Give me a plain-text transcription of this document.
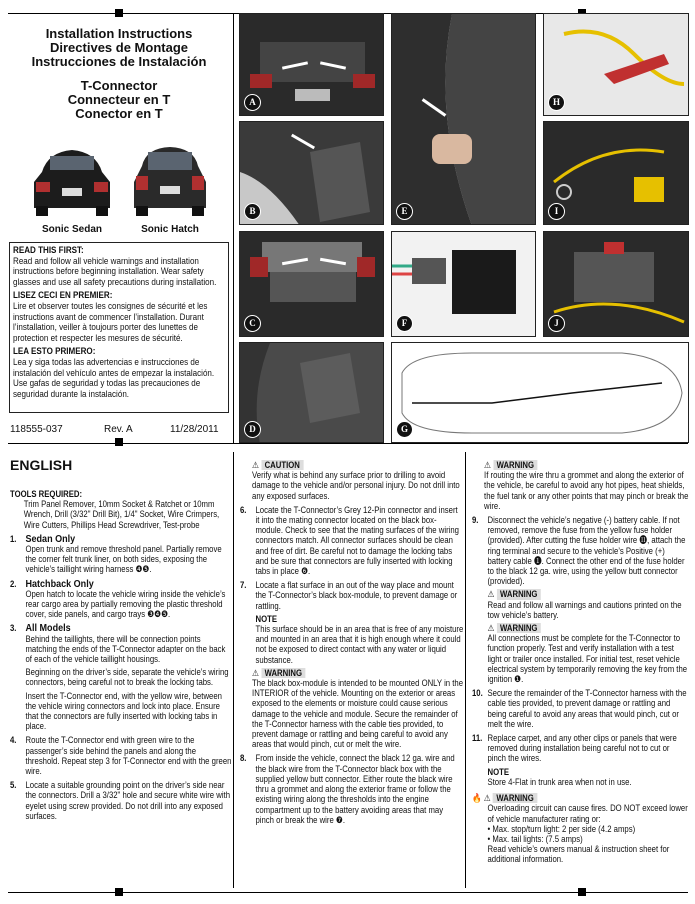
Installation Instructions
Directives de Montage
Instrucciones de Instalación
T-Connector
Connecteur en T
Conector en T
Sonic Sedan	Sonic Hatch
READ THIS FIRST:
Read and follow all vehicle warnings and installation instructions before beginning installation. Wear safety glasses and use all safety precautions during installation.
LISEZ CECI EN PREMIER:
Lire et observer toutes les consignes de sécurité et les instructions avant de commencer l’installation. Durant l’installation, veiller à toujours porter des lunettes de protection et respecter les mesures de sécurité.
LEA ESTO PRIMERO:
Lea y siga todas las advertencias e instrucciones de instalación del vehículo antes de empezar la instalación. Use gafas de seguridad y todas las precauciones de seguridad durante la instalación.
118555-037	Rev. A	11/28/2011
A
B
C
D
E
F
G
H
I
J
ENGLISH
TOOLS REQUIRED:

Trim Panel Remover, 10mm Socket & Ratchet or 10mm Wrench, Drill (3/32" Drill Bit), 1/4" Socket, Wire Crimpers, Wire Cutters, Phillips Head Screwdriver, Test-probe

1. Sedan Only

Open trunk and remove threshold panel. Partially remove the corner felt trunk liner, on both sides, exposing the vehicle’s taillight wiring harness ❹❺.

2. Hatchback Only

Open hatch to locate the vehicle wiring inside the vehicle’s rear cargo area by partially removing the plastic threshold cover, side panels, and cargo trays ❸❹❺.

3. All Models

Behind the taillights, there will be connection points matching the ends of the T-Connector adapter on the back of each of the vehicle taillight housings.

Beginning on the driver’s side, separate the vehicle’s wiring connectors, being careful not to break the locking tabs.

Insert the T-Connector end, with the yellow wire, between the vehicle wiring connectors and lock into place. Ensure that the connectors are fully inserted with locking tabs in place.

4. Route the T-Connector end with green wire to the passenger’s side behind the panels and along the threshold. Repeat step 3 for T-Connector end with the green wire.

5. Locate a suitable grounding point on the driver’s side near the connectors. Drill a 3/32" hole and secure white wire with eyelet using screw provided. Do not drill into any exposed surfaces.

⚠ CAUTION

Verify what is behind any surface prior to drilling to avoid damage to the vehicle and/or personal injury. Do not drill into any exposed surfaces.

6. Locate the T-Connector’s Grey 12-Pin connector and insert it into the mating connector located on the black box-module. Check to see that the mating surfaces of the wiring connectors match. All connector surfaces should be clean and free of dirt. Be careful not to damage the locking tabs and be sure that connectors are fully inserted with locking tabs in place ❻.

7. Locate a flat surface in an out of the way place and mount the T-Connector’s black box-module, to prevent damage or rattling.

NOTE

This surface should be in an area that is free of any moisture and mounted in an area that it is high enough where it could not be exposed to direct contact with any water or liquid substance.

⚠ WARNING

The black box-module is intended to be mounted ONLY in the INTERIOR of the vehicle. Mounting on the exterior or areas exposed to the elements or moisture could cause serious damage to the vehicle and module. Secure the remainder of the T-Connector harness with the cable ties provided, to prevent damage or rattling and being careful to avoid any areas that would pinch, cut or melt the wire.

8. From inside the vehicle, connect the black 12 ga. wire and the black wire from the T-Connector black box with the supplied yellow butt connector. Either route the black wire thru a grommet and along the exterior frame or follow the existing wiring along the thresholds into the engine compartment up to the battery avoiding areas that may pinch or break the wire ❼.

⚠ WARNING

If routing the wire thru a grommet and along the exterior of the vehicle, be careful to avoid any hot pipes, heat shields, the fuel tank or any other points that may pinch or break the wire.

9. Disconnect the vehicle’s negative (-) battery cable. If not removed, remove the fuse from the yellow fuse holder (provided). After cutting the fuse holder wire ⓫, attach the ring terminal and secure to the vehicle’s Positive (+) battery cable ❶. Connect the other end of the fuse holder to the black 12 ga. wire, using the yellow butt connector (provided).

⚠ WARNING

Read and follow all warnings and cautions printed on the tow vehicle’s battery.

⚠ WARNING

All connections must be complete for the T-Connector to function properly. Test and verify installation with a test light or trailer once installed. For initial test, reset vehicle electrical system by temporarily removing the key from the ignition ❶.

10. Secure the remainder of the T-Connector harness with the cable ties provided, to prevent damage or rattling and being careful to avoid any areas that would pinch, cut or melt the wire.

11. Replace carpet, and any other clips or panels that were removed during installation being careful not to cut or pinch the wires.

NOTE

Store 4-Flat in trunk area when not in use.

🔥 ⚠ WARNING

Overloading circuit can cause fires. DO NOT exceed lower of vehicle manufacturer rating or:

• Max. stop/turn light: 2 per side (4.2 amps)

• Max. tail lights: (7.5 amps)

Read vehicle’s owners manual & instruction sheet for additional information.
